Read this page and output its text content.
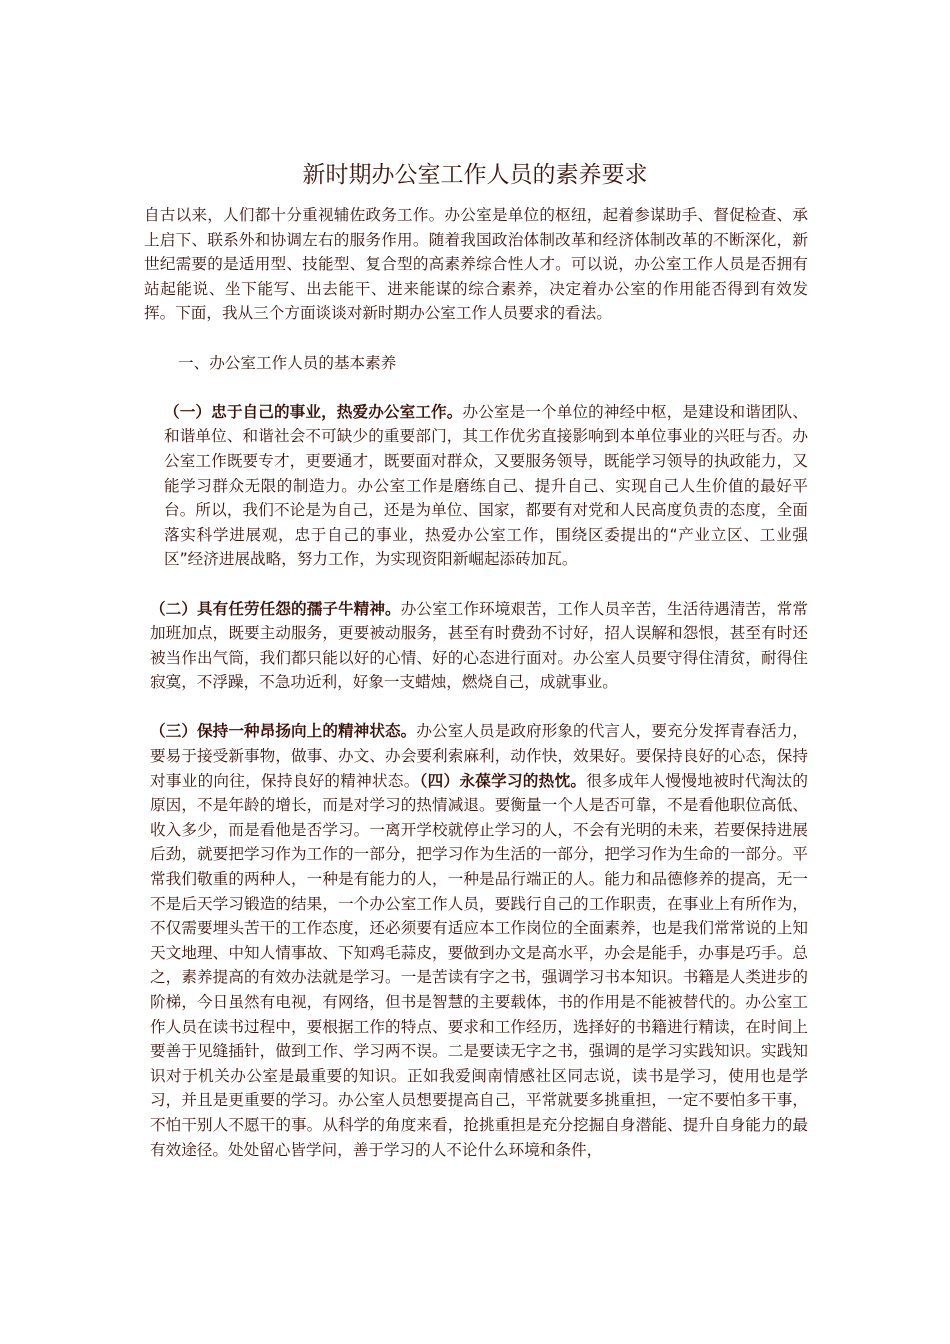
新时期办公室工作人员的素养要求

自古以来，人们都十分重视辅佐政务工作。办公室是单位的枢纽，起着参谋助手、督促检查、承上启下、联系外和协调左右的服务作用。随着我国政治体制改革和经济体制改革的不断深化，新世纪需要的是适用型、技能型、复合型的高素养综合性人才。可以说，办公室工作人员是否拥有站起能说、坐下能写、出去能干、进来能谋的综合素养，决定着办公室的作用能否得到有效发挥。下面，我从三个方面谈谈对新时期办公室工作人员要求的看法。

一、办公室工作人员的基本素养

（一）忠于自己的事业，热爱办公室工作。办公室是一个单位的神经中枢，是建设和谐团队、和谐单位、和谐社会不可缺少的重要部门，其工作优劣直接影响到本单位事业的兴旺与否。办公室工作既要专才，更要通才，既要面对群众，又要服务领导，既能学习领导的执政能力，又能学习群众无限的制造力。办公室工作是磨练自己、提升自己、实现自己人生价值的最好平台。所以，我们不论是为自己，还是为单位、国家，都要有对党和人民高度负责的态度，全面落实科学进展观，忠于自己的事业，热爱办公室工作，围绕区委提出的“产业立区、工业强区”经济进展战略，努力工作，为实现资阳新崛起添砖加瓦。

（二）具有任劳任怨的孺子牛精神。办公室工作环境艰苦，工作人员辛苦，生活待遇清苦，常常加班加点，既要主动服务，更要被动服务，甚至有时费劲不讨好，招人误解和怨恨，甚至有时还被当作出气筒，我们都只能以好的心情、好的心态进行面对。办公室人员要守得住清贫，耐得住寂寞，不浮躁，不急功近利，好象一支蜡烛，燃烧自己，成就事业。

（三）保持一种昂扬向上的精神状态。办公室人员是政府形象的代言人，要充分发挥青春活力，要易于接受新事物，做事、办文、办会要利索麻利，动作快，效果好。要保持良好的心态，保持对事业的向往，保持良好的精神状态。（四）永葆学习的热忱。很多成年人慢慢地被时代淘汰的原因，不是年龄的增长，而是对学习的热情减退。要衡量一个人是否可靠，不是看他职位高低、收入多少，而是看他是否学习。一离开学校就停止学习的人，不会有光明的未来，若要保持进展后劲，就要把学习作为工作的一部分，把学习作为生活的一部分，把学习作为生命的一部分。平常我们敬重的两种人，一种是有能力的人，一种是品行端正的人。能力和品德修养的提高，无一不是后天学习锻造的结果，一个办公室工作人员，要践行自己的工作职责，在事业上有所作为，不仅需要埋头苦干的工作态度，还必须要有适应本工作岗位的全面素养，也是我们常常说的上知天文地理、中知人情事故、下知鸡毛蒜皮，要做到办文是高水平，办会是能手，办事是巧手。总之，素养提高的有效办法就是学习。一是苦读有字之书，强调学习书本知识。书籍是人类进步的阶梯，今日虽然有电视，有网络，但书是智慧的主要载体，书的作用是不能被替代的。办公室工作人员在读书过程中，要根据工作的特点、要求和工作经历，选择好的书籍进行精读，在时间上要善于见缝插针，做到工作、学习两不误。二是要读无字之书，强调的是学习实践知识。实践知识对于机关办公室是最重要的知识。正如我爱闽南情感社区同志说，读书是学习，使用也是学习，并且是更重要的学习。办公室人员想要提高自己，平常就要多挑重担，一定不要怕多干事，不怕干别人不愿干的事。从科学的角度来看，抢挑重担是充分挖掘自身潜能、提升自身能力的最有效途径。处处留心皆学问，善于学习的人不论什么环境和条件，
